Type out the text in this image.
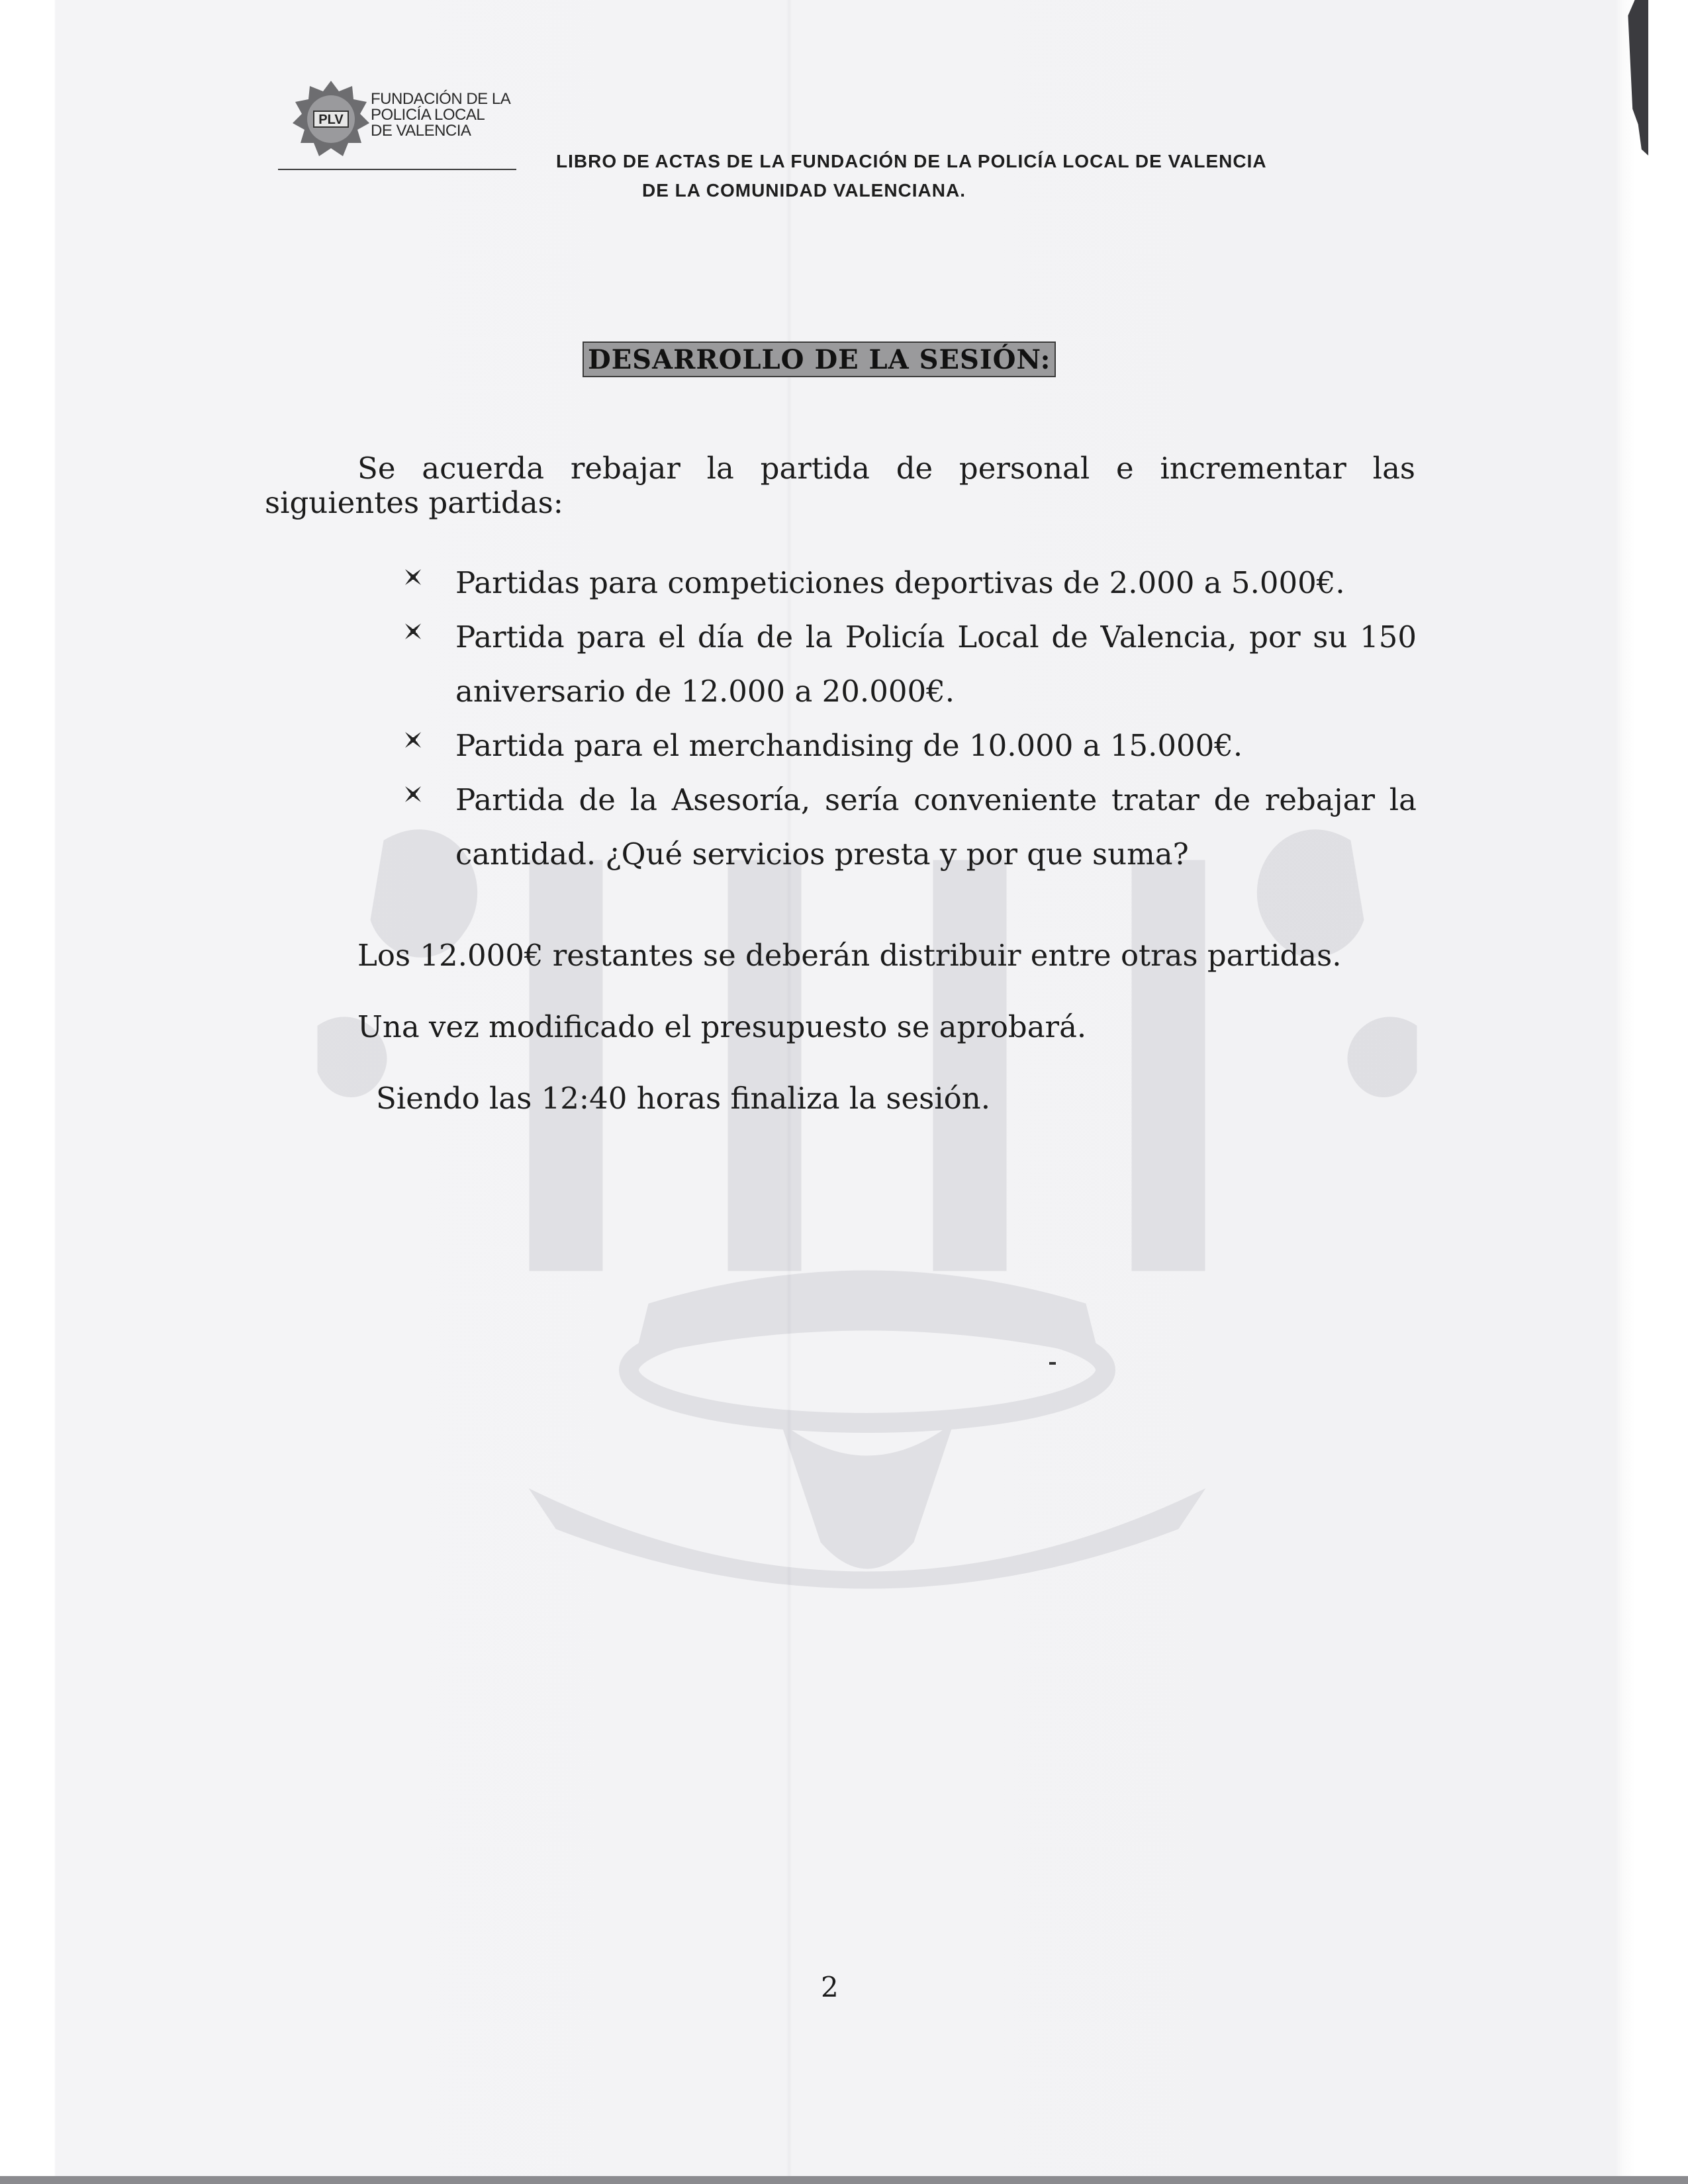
PLV
FUNDACIÓN DE LA
POLICÍA LOCAL
DE VALENCIA
LIBRO DE ACTAS DE LA FUNDACIÓN DE LA POLICÍA LOCAL DE VALENCIA
DE LA COMUNIDAD VALENCIANA.
DESARROLLO DE LA SESIÓN:
Se acuerda rebajar la partida de personal e incrementar las siguientes partidas:
Partidas para competiciones deportivas de 2.000 a 5.000€.
Partida para el día de la Policía Local de Valencia, por su 150 aniversario de 12.000 a 20.000€.
Partida para el merchandising de 10.000 a 15.000€.
Partida de la Asesoría, sería conveniente tratar de rebajar la cantidad. ¿Qué servicios presta y por que suma?
Los 12.000€ restantes se deberán distribuir entre otras partidas.
Una vez modificado el presupuesto se aprobará.
Siendo las 12:40 horas finaliza la sesión.
2
